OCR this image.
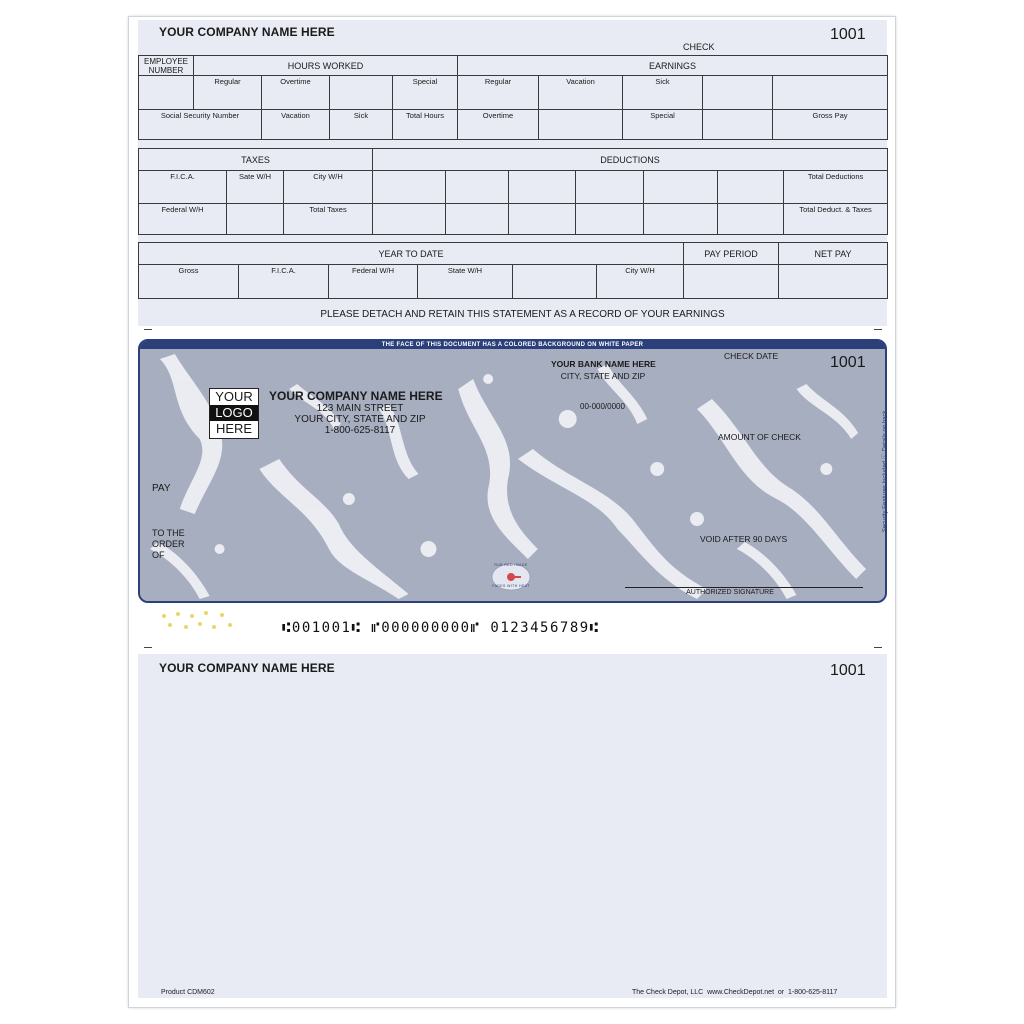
YOUR COMPANY NAME HERE	1001
CHECK
EMPLOYEE NUMBER	HOURS WORKED				EARNINGS				
	Regular	Overtime		Special	Regular	Vacation	Sick		
Social Security Number		Vacation	Sick	Total Hours	Overtime		Special		Gross Pay
TAXES			DEDUCTIONS						
F.I.C.A.	Sate W/H	City W/H							Total Deductions
Federal W/H		Total Taxes							Total Deduct. & Taxes
YEAR TO DATE						PAY PERIOD	NET PAY
Gross	F.I.C.A.	Federal W/H	State W/H		City W/H		
PLEASE DETACH AND RETAIN THIS STATEMENT AS A RECORD OF YOUR EARNINGS
THE FACE OF THIS DOCUMENT HAS A COLORED BACKGROUND ON WHITE PAPER
YOUR
LOGO
HERE
YOUR COMPANY NAME HERE
123 MAIN STREET
YOUR CITY, STATE AND ZIP
1-800-625-8117
YOUR BANK NAME HERE
CITY, STATE AND ZIP
00-000/0000
CHECK DATE	1001
AMOUNT OF CHECK
PAY
TO THE
ORDER
OF
VOID AFTER 90 DAYS
AUTHORIZED SIGNATURE
Security Features Included ⓘ Details on back.
RUB RED IMAGE
FADES WITH HEAT
⑆001001⑆ ⑈000000000⑈ 0123456789⑆
YOUR COMPANY NAME HERE	1001
Product CDM602	The Check Depot, LLC  www.CheckDepot.net  or  1-800-625-8117
